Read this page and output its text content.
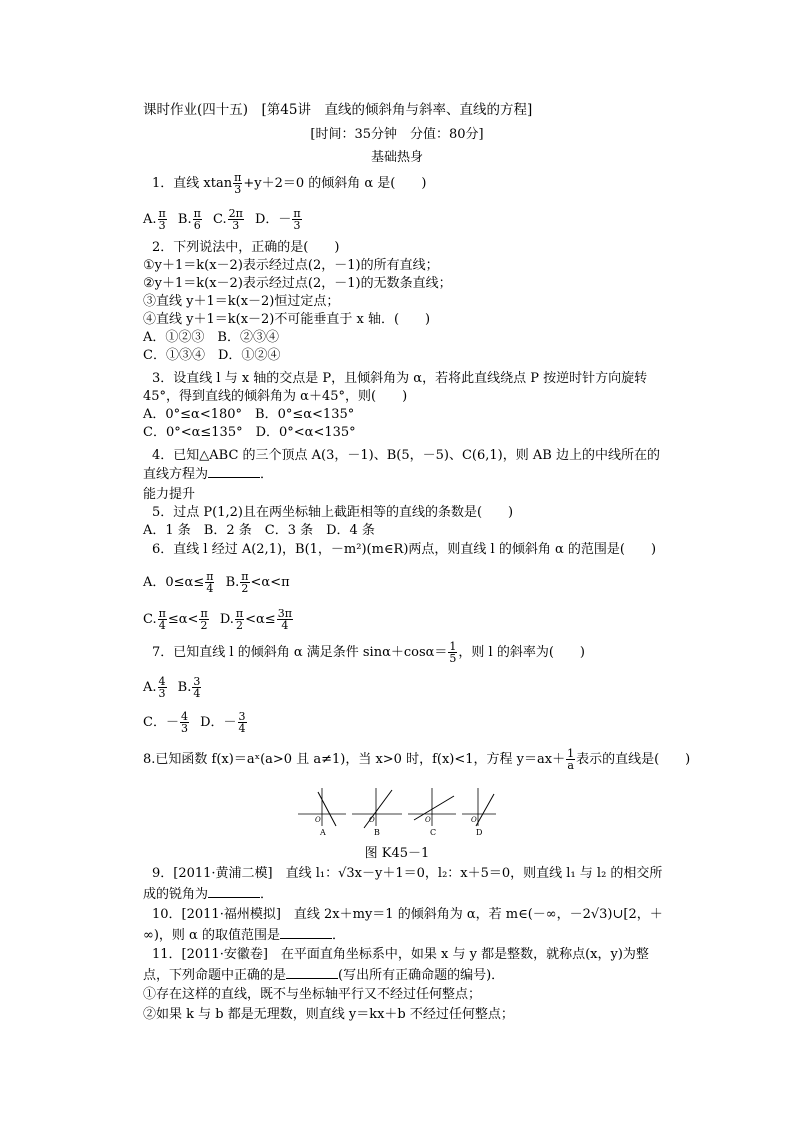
课时作业(四十五)　[第45讲　直线的倾斜角与斜率、直线的方程]
[时间：35分钟　分值：80分]
基础热身
1．直线 xtan $\frac{\pi}{3} +y+2=0$ 的倾斜角 α 是(　　)
A. $\frac{\pi}{3} B$. $\frac{\pi}{6} C$. $\frac{2\pi}{3}$ D．－ $\frac{\pi}{3}$
2．下列说法中，正确的是(　　)
①y＋1＝k(x－2)表示经过点(2，－1)的所有直线；
②y＋1＝k(x－2)表示经过点(2，－1)的无数条直线；
③直线 y＋1＝k(x－2)恒过定点；
④直线 y＋1＝k(x－2)不可能垂直于 x 轴．(　　)
A．①②③　B．②③④
C．①③④　D．①②④
3．设直线 l 与 x 轴的交点是 P，且倾斜角为 α，若将此直线绕点 P 按逆时针方向旋转
45°，得到直线的倾斜角为 α＋45°，则(　　)
A．0°≤α<180°　B．0°≤α<135°
C．0°<α≤135°　D．0°<α<135°
4．已知△ABC 的三个顶点 A(3，－1)、B(5，－5)、C(6,1)，则 AB 边上的中线所在的
直线方程为	．
能力提升
5．过点 P(1,2)且在两坐标轴上截距相等的直线的条数是(　　)
A．1 条　B．2 条　C．3 条　D．4 条
6．直线 l 经过 A(2,1)，B(1，－m²)(m∈R)两点，则直线 l 的倾斜角 α 的范围是(　　)
A．$0\le\alpha\le \frac{\pi}{4} B$. $\frac{\pi}{2} <\alpha<\pi$
C. $\frac{\pi}{4} \le\alpha< \frac{\pi}{2} D$. $\frac{\pi}{2} <\alpha\le \frac{3\pi}{4}$
7．已知直线 l 的倾斜角 α 满足条件 $\sin\alpha+\cos\alpha= \frac{1}{5}$ ，则 l 的斜率为(　　)
A. $\frac{4}{3} B$. $\frac{3}{4}$
C．－ $\frac{4}{3}$ D．－ $\frac{3}{4}$
8.已知函数 f(x)＝aˣ(a>0 且 a≠1)，当 x>0 时，f(x)<1，方程 $y=ax+ \frac{1}{a}$ 表示的直线是(　　)
O
A
O
B
O
C
O
D
图 K45－1
9．[2011·黄浦二模]　直线 l₁：√3x－y＋1＝0，l₂：x＋5＝0，则直线 l₁ 与 l₂ 的相交所
成的锐角为	．
10．[2011·福州模拟]　直线 2x＋my＝1 的倾斜角为 α，若 m∈(－∞，－2√3)∪[2，＋
∞)，则 α 的取值范围是	．
11．[2011·安徽卷]　在平面直角坐标系中，如果 x 与 y 都是整数，就称点(x，y)为整
点，下列命题中正确的是	(写出所有正确命题的编号)．
①存在这样的直线，既不与坐标轴平行又不经过任何整点；
②如果 k 与 b 都是无理数，则直线 y＝kx＋b 不经过任何整点；
